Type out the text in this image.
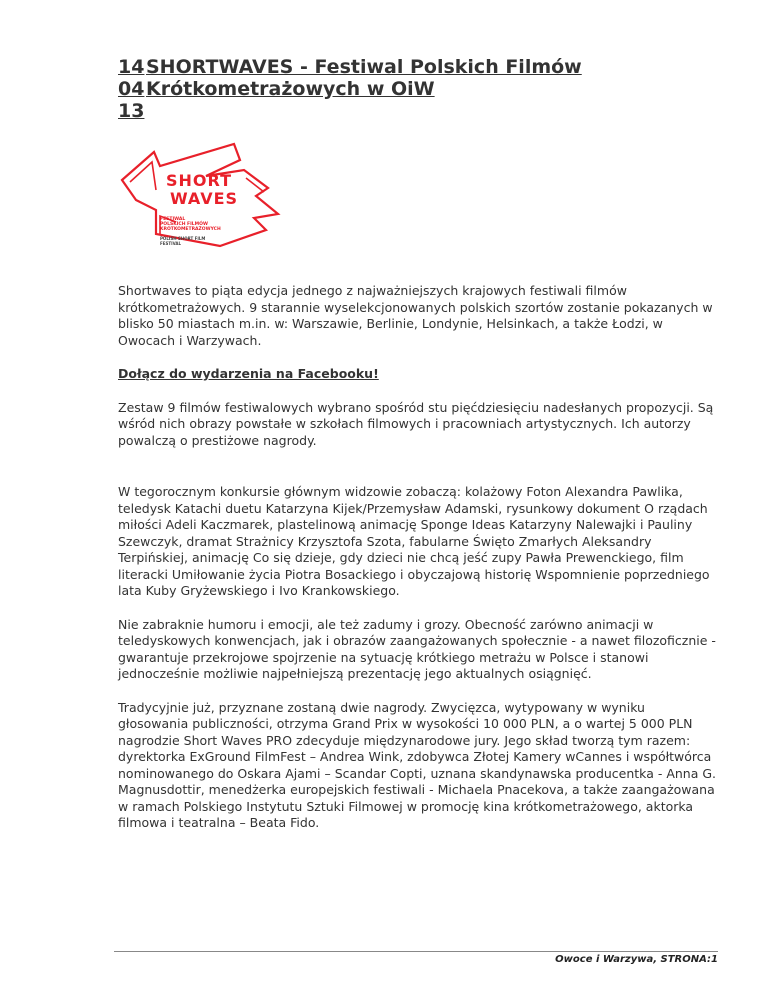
14
04
13
SHORTWAVES - Festiwal Polskich Filmów Krótkometrażowych w OiW
SHORT
WAVES
FESTIWAL
POLSKICH FILMÓW
KRÓTKOMETRAŻOWYCH
POLISH SHORT FILM
FESTIVAL

Shortwaves to piąta edycja jednego z najważniejszych krajowych festiwali filmów krótkometrażowych. 9 starannie wyselekcjonowanych polskich szortów zostanie pokazanych w blisko 50 miastach m.in. w: Warszawie, Berlinie, Londynie, Helsinkach, a także Łodzi, w Owocach i Warzywach.

Dołącz do wydarzenia na Facebooku!

Zestaw 9 filmów festiwalowych wybrano spośród stu pięćdziesięciu nadesłanych propozycji. Są wśród nich obrazy powstałe w szkołach filmowych i pracowniach artystycznych. Ich autorzy powalczą o prestiżowe nagrody.

W tegorocznym konkursie głównym widzowie zobaczą: kolażowy Foton Alexandra Pawlika, teledysk Katachi duetu Katarzyna Kijek/Przemysław Adamski, rysunkowy dokument O rządach miłości Adeli Kaczmarek, plastelinową animację Sponge Ideas Katarzyny Nalewajki i Pauliny Szewczyk, dramat Strażnicy Krzysztofa Szota, fabularne Święto Zmarłych Aleksandry Terpińskiej, animację Co się dzieje, gdy dzieci nie chcą jeść zupy Pawła Prewenckiego, film literacki Umiłowanie życia Piotra Bosackiego i obyczajową historię Wspomnienie poprzedniego lata Kuby Gryżewskiego i Ivo Krankowskiego.

Nie zabraknie humoru i emocji, ale też zadumy i grozy. Obecność zarówno animacji w teledyskowych konwencjach, jak i obrazów zaangażowanych społecznie - a nawet filozoficznie - gwarantuje przekrojowe spojrzenie na sytuację krótkiego metrażu w Polsce i stanowi jednocześnie możliwie najpełniejszą prezentację jego aktualnych osiągnięć.

Tradycyjnie już, przyznane zostaną dwie nagrody. Zwycięzca, wytypowany w wyniku głosowania publiczności, otrzyma Grand Prix w wysokości 10 000 PLN, a o wartej 5 000 PLN nagrodzie Short Waves PRO zdecyduje międzynarodowe jury. Jego skład tworzą tym razem: dyrektorka ExGround FilmFest – Andrea Wink, zdobywca Złotej Kamery wCannes i współtwórca nominowanego do Oskara Ajami – Scandar Copti, uznana skandynawska producentka - Anna G. Magnusdottir, menedżerka europejskich festiwali - Michaela Pnacekova, a także zaangażowana w ramach Polskiego Instytutu Sztuki Filmowej w promocję kina krótkometrażowego, aktorka filmowa i teatralna – Beata Fido.

Owoce i Warzywa, STRONA:1
